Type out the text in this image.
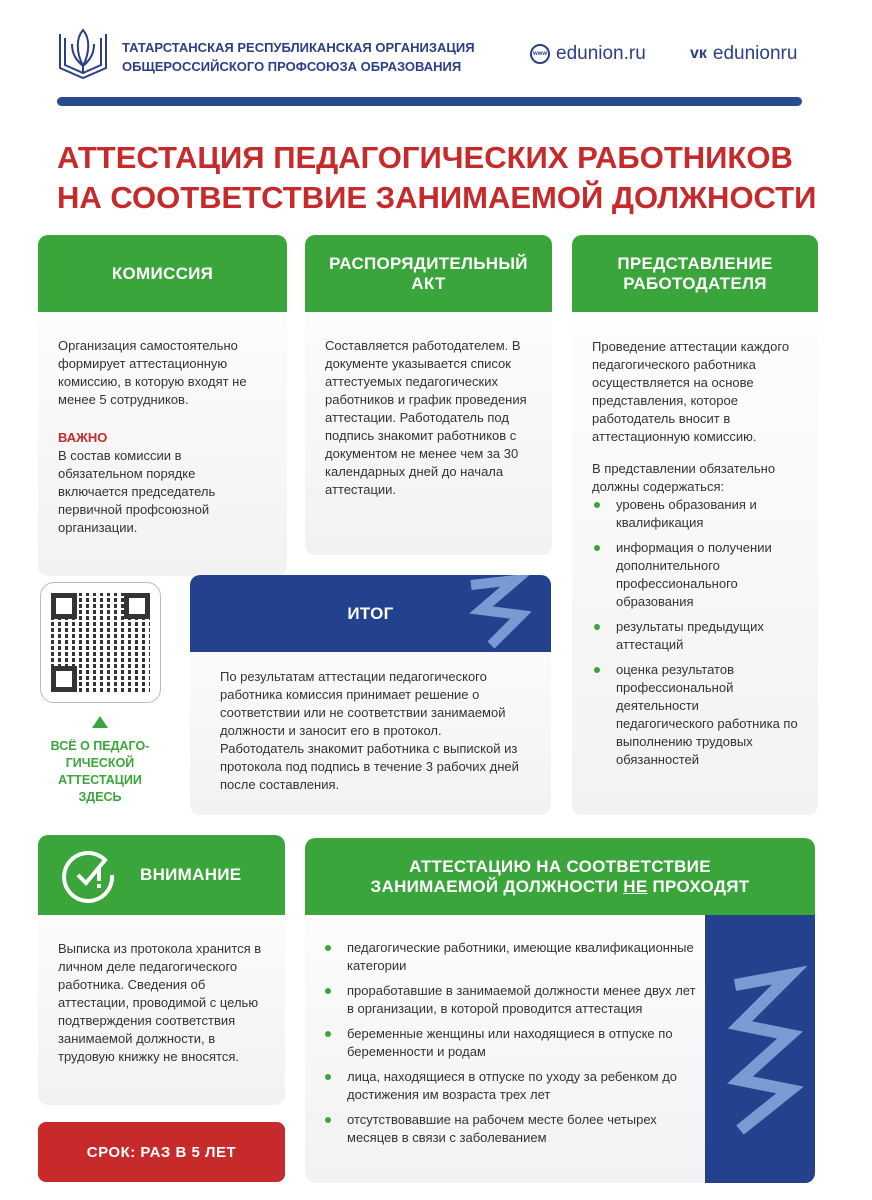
ТАТАРСТАНСКАЯ РЕСПУБЛИКАНСКАЯ ОРГАНИЗАЦИЯ
ОБЩЕРОССИЙСКОГО ПРОФСОЮЗА ОБРАЗОВАНИЯ
www edunion.ru	ᴠк edunionru
АТТЕСТАЦИЯ ПЕДАГОГИЧЕСКИХ РАБОТНИКОВ
НА СООТВЕТСТВИЕ ЗАНИМАЕМОЙ ДОЛЖНОСТИ
КОМИССИЯ

Организация самостоятельно формирует аттестационную комиссию, в которую входят не менее 5 сотрудников.

ВАЖНО

В состав комиссии в обязательном порядке включается председатель первичной профсоюзной организации.

РАСПОРЯДИТЕЛЬНЫЙ
АКТ

Составляется работодателем. В документе указывается список аттестуемых педагогических работников и график проведения аттестации. Работодатель под подпись знакомит работников с документом не менее чем за 30 календарных дней до начала аттестации.

ПРЕДСТАВЛЕНИЕ
РАБОТОДАТЕЛЯ

Проведение аттестации каждого педагогического работника осуществляется на основе представления, которое работодатель вносит в аттестационную комиссию.

В представлении обязательно должны содержаться:
уровень образования и квалификация
информация о получении дополнительного профессионального образования
результаты предыдущих аттестаций
оценка результатов профессиональной деятельности педагогического работника по выполнению трудовых обязанностей
ВСЁ О ПЕДАГО-ГИЧЕСКОЙ АТТЕСТАЦИИ ЗДЕСЬ
ИТОГ

По результатам аттестации педагогического работника комиссия принимает решение о соответствии или не соответствии занимаемой должности и заносит его в протокол. Работодатель знакомит работника с выпиской из протокола под подпись в течение 3 рабочих дней после составления.

ВНИМАНИЕ

Выписка из протокола хранится в личном деле педагогического работника. Сведения об аттестации, проводимой с целью подтверждения соответствия занимаемой должности, в трудовую книжку не вносятся.

СРОК: РАЗ В 5 ЛЕТ
АТТЕСТАЦИЮ НА СООТВЕТСТВИЕ
ЗАНИМАЕМОЙ ДОЛЖНОСТИ НЕ ПРОХОДЯТ
педагогические работники, имеющие квалификационные категории
проработавшие в занимаемой должности менее двух лет в организации, в которой проводится аттестация
беременные женщины или находящиеся в отпуске по беременности и родам
лица, находящиеся в отпуске по уходу за ребенком до достижения им возраста трех лет
отсутствовавшие на рабочем месте более четырех месяцев в связи с заболеванием
